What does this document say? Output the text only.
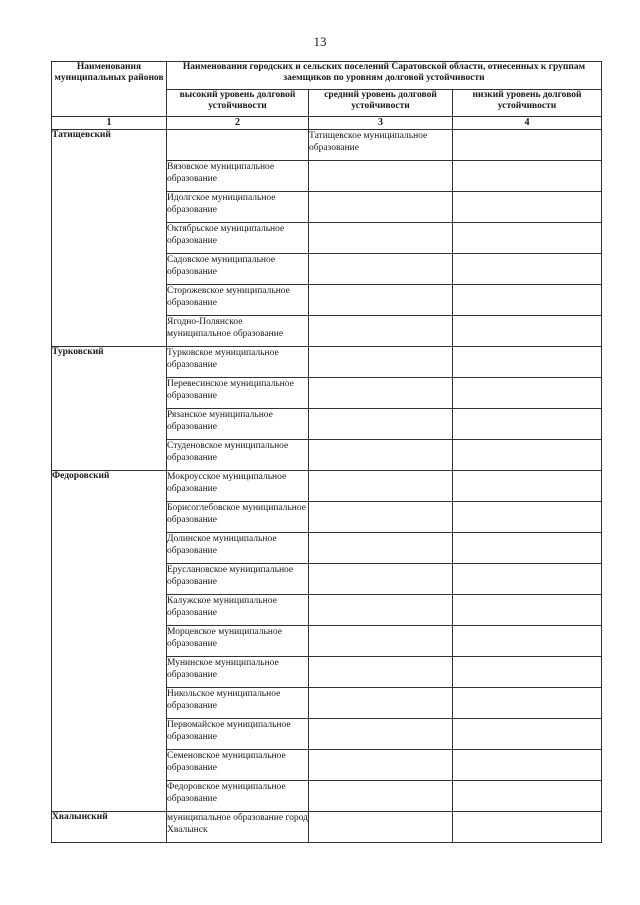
13
Наименования муниципальных районов	Наименования городских и сельских поселений Саратовской области, отнесенных к группам заемщиков по уровням долговой устойчивости		
	высокий уровень долговой устойчивости	средний уровень долговой устойчивости	низкий уровень долговой устойчивости
1	2	3	4
Татищевский		Татищевское муниципальное образование	
	Вязовское муниципальное образование		
	Идолгское муниципальное образование		
	Октябрьское муниципальное образование		
	Садовское муниципальное образование		
	Сторожевское муниципальное образование		
	Ягодно-Полянское муниципальное образование		
Турковский	Турковское муниципальное образование		
	Перевесинское муниципальное образование		
	Рязанское муниципальное образование		
	Студеновское муниципальное образование		
Федоровский	Мокроусское муниципальное образование		
	Борисоглебовское муниципальное образование		
	Долинское муниципальное образование		
	Еруслановское муниципальное образование		
	Калужское муниципальное образование		
	Морцевское муниципальное образование		
	Мунинское муниципальное образование		
	Никольское муниципальное образование		
	Первомайское муниципальное образование		
	Семеновское муниципальное образование		
	Федоровское муниципальное образование		
Хвалынский	муниципальное образование город Хвалынск		
